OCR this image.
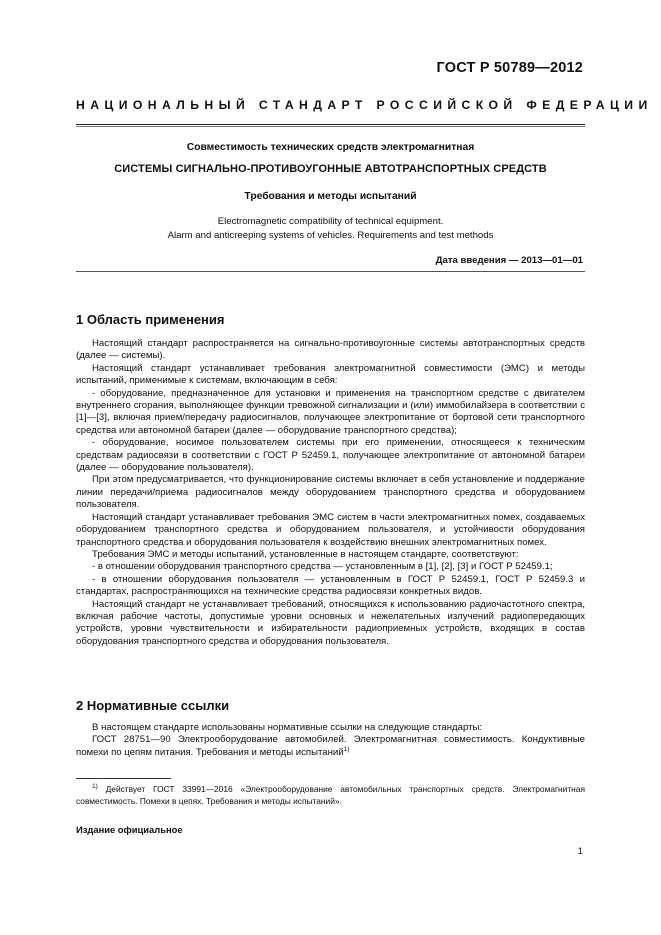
ГОСТ Р 50789—2012
НАЦИОНАЛЬНЫЙ СТАНДАРТ РОССИЙСКОЙ ФЕДЕРАЦИИ
Совместимость технических средств электромагнитная
СИСТЕМЫ СИГНАЛЬНО-ПРОТИВОУГОННЫЕ АВТОТРАНСПОРТНЫХ СРЕДСТВ
Требования и методы испытаний
Electromagnetic compatibility of technical equipment.
Alarm and anticreeping systems of vehicles. Requirements and test methods
Дата введения — 2013—01—01
1 Область применения

Настоящий стандарт распространяется на сигнально-противоугонные системы автотранспортных средств (далее — системы).

Настоящий стандарт устанавливает требования электромагнитной совместимости (ЭМС) и методы испытаний, применимые к системам, включающим в себя:

- оборудование, предназначенное для установки и применения на транспортном средстве с двигателем внутреннего сгорания, выполняющее функции тревожной сигнализации и (или) иммобилайзера в соответствии с [1]—[3], включая прием/передачу радиосигналов, получающее электропитание от бортовой сети транспортного средства или автономной батареи (далее — оборудование транспортного средства);

- оборудование, носимое пользователем системы при его применении, относящееся к техническим средствам радиосвязи в соответствии с ГОСТ Р 52459.1, получающее электропитание от автономной батареи (далее — оборудование пользователя).

При этом предусматривается, что функционирование системы включает в себя установление и поддержание линии передачи/приема радиосигналов между оборудованием транспортного средства и оборудованием пользователя.

Настоящий стандарт устанавливает требования ЭМС систем в части электромагнитных помех, создаваемых оборудованием транспортного средства и оборудованием пользователя, и устойчивости оборудования транспортного средства и оборудования пользователя к воздействию внешних электромагнитных помех.

Требования ЭМС и методы испытаний, установленные в настоящем стандарте, соответствуют:

- в отношении оборудования транспортного средства — установленным в [1], [2], [3] и ГОСТ Р 52459.1;

- в отношении оборудования пользователя — установленным в ГОСТ Р 52459.1, ГОСТ Р 52459.3 и стандартах, распространяющихся на технические средства радиосвязи конкретных видов.

Настоящий стандарт не устанавливает требований, относящихся к использованию радиочастотного спектра, включая рабочие частоты, допустимые уровни основных и нежелательных излучений радиопередающих устройств, уровни чувствительности и избирательности радиоприемных устройств, входящих в состав оборудования транспортного средства и оборудования пользователя.

2 Нормативные ссылки

В настоящем стандарте использованы нормативные ссылки на следующие стандарты:

ГОСТ 28751—90 Электрооборудование автомобилей. Электромагнитная совместимость. Кондуктивные помехи по цепям питания. Требования и методы испытаний$^{1)}$

$^{1)}$ Действует ГОСТ 33991—2016 «Электрооборудование автомобильных транспортных средств. Электромагнитная совместимость. Помехи в цепях. Требования и методы испытаний».

Издание официальное
1
